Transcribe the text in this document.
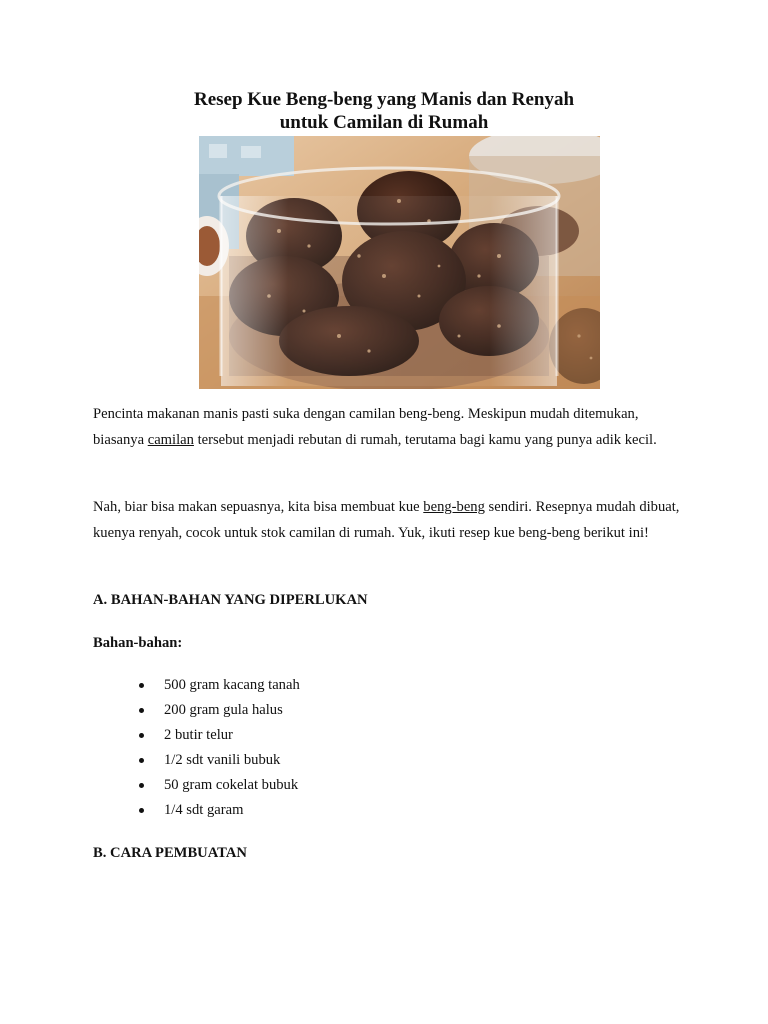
Resep Kue Beng-beng yang Manis dan Renyah
untuk Camilan di Rumah

Pencinta makanan manis pasti suka dengan camilan beng-beng. Meskipun mudah ditemukan, biasanya camilan tersebut menjadi rebutan di rumah, terutama bagi kamu yang punya adik kecil.

Nah, biar bisa makan sepuasnya, kita bisa membuat kue beng-beng sendiri. Resepnya mudah dibuat, kuenya renyah, cocok untuk stok camilan di rumah. Yuk, ikuti resep kue beng-beng berikut ini!

A. BAHAN-BAHAN YANG DIPERLUKAN
Bahan-bahan:
500 gram kacang tanah
200 gram gula halus
2 butir telur
1/2 sdt vanili bubuk
50 gram cokelat bubuk
1/4 sdt garam
B. CARA PEMBUATAN
